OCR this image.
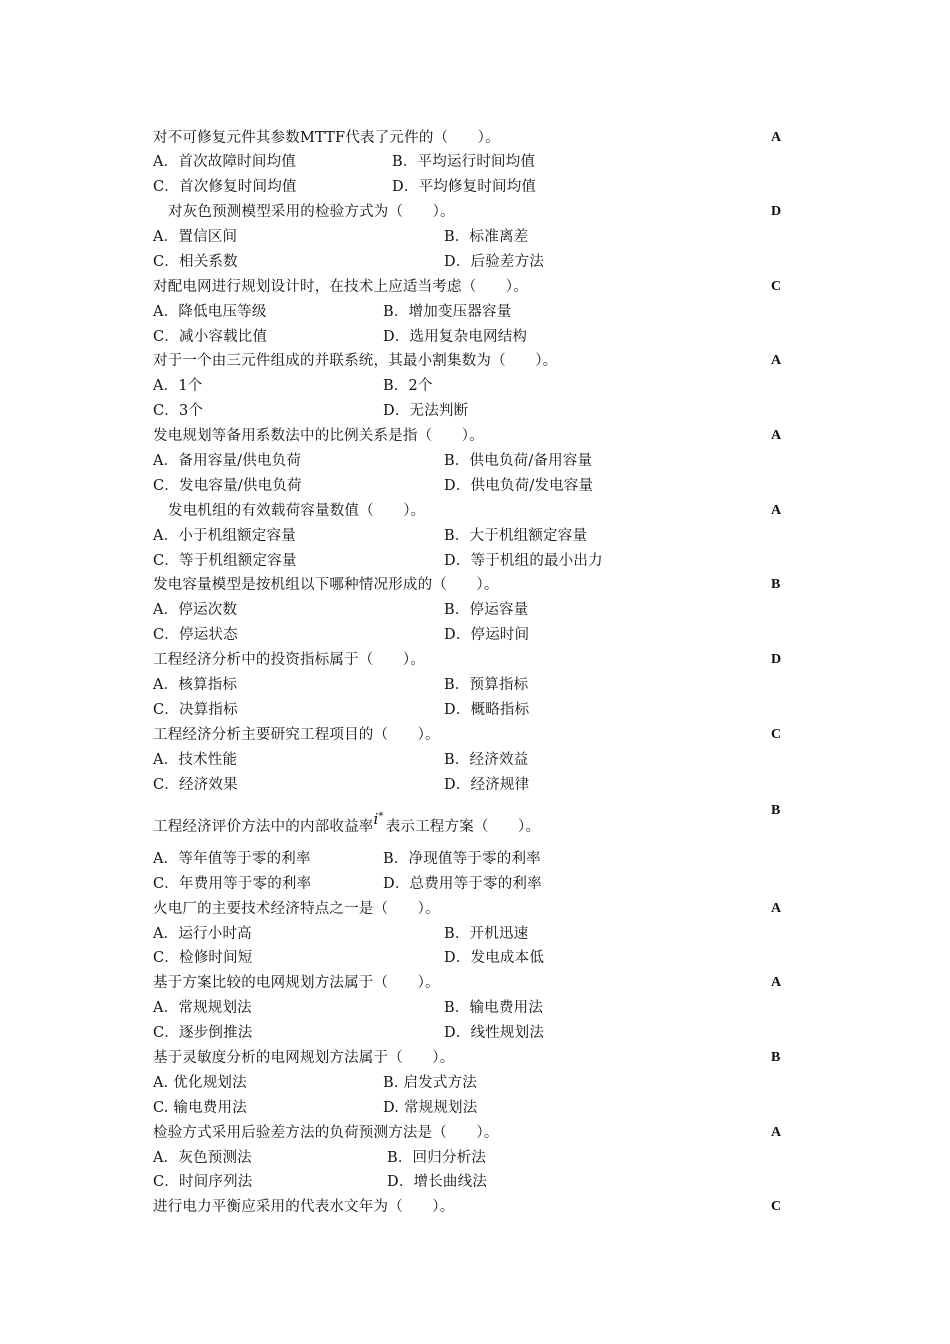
对不可修复元件其参数MTTF代表了元件的（　　）。	A
A．首次故障时间均值	B．平均运行时间均值
C．首次修复时间均值	D．平均修复时间均值
对灰色预测模型采用的检验方式为（　　）。	D
A．置信区间	B．标准离差
C．相关系数	D．后验差方法
对配电网进行规划设计时，在技术上应适当考虑（　　）。	C
A．降低电压等级	B．增加变压器容量
C．减小容载比值	D．选用复杂电网结构
对于一个由三元件组成的并联系统，其最小割集数为（　　）。	A
A．1个	B．2个
C．3个	D．无法判断
发电规划等备用系数法中的比例关系是指（　　）。	A
A．备用容量/供电负荷	B．供电负荷/备用容量
C．发电容量/供电负荷	D．供电负荷/发电容量
发电机组的有效载荷容量数值（　　）。	A
A．小于机组额定容量	B．大于机组额定容量
C．等于机组额定容量	D．等于机组的最小出力
发电容量模型是按机组以下哪种情况形成的（　　）。	B
A．停运次数	B．停运容量
C．停运状态	D．停运时间
工程经济分析中的投资指标属于（　　）。	D
A．核算指标	B．预算指标
C．决算指标	D．概略指标
工程经济分析主要研究工程项目的（　　）。	C
A．技术性能	B．经济效益
C．经济效果	D．经济规律
B
工程经济评价方法中的内部收益率i*表示工程方案（　　）。
A．等年值等于零的利率	B．净现值等于零的利率
C．年费用等于零的利率	D．总费用等于零的利率
火电厂的主要技术经济特点之一是（　　）。	A
A．运行小时高	B．开机迅速
C．检修时间短	D．发电成本低
基于方案比较的电网规划方法属于（　　）。	A
A．常规规划法	B．输电费用法
C．逐步倒推法	D．线性规划法
基于灵敏度分析的电网规划方法属于（　　）。	B
A. 优化规划法	B. 启发式方法
C. 输电费用法	D. 常规规划法
检验方式采用后验差方法的负荷预测方法是（　　）。	A
A．灰色预测法	B．回归分析法
C．时间序列法	D．增长曲线法
进行电力平衡应采用的代表水文年为（　　）。	C
